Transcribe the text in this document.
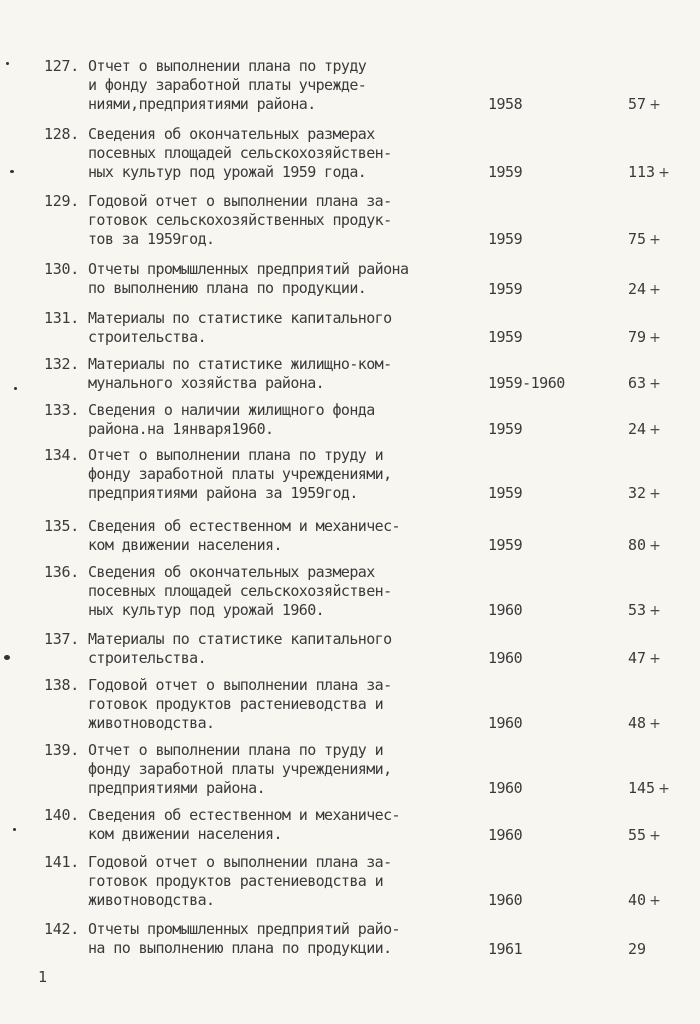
127. Отчет о выполнении плана по труду
и фонду заработной платы учрежде-
ниями,предприятиями района.	1958	57 +
128. Сведения об окончательных размерах
посевных площадей сельскохозяйствен-
ных культур под урожай 1959 года.	1959	113 +
129. Годовой отчет о выполнении плана за-
готовок сельскохозяйственных продук-
тов за 1959год.	1959	75 +
130. Отчеты промышленных предприятий района
по выполнению плана по продукции.	1959	24 +
131. Материалы по статистике капитального
строительства.	1959	79 +
132. Материалы по статистике жилищно-ком-
мунального хозяйства района.	1959-1960	63 +
133. Сведения о наличии жилищного фонда
района.на 1января1960.	1959	24 +
134. Отчет о выполнении плана по труду и
фонду заработной платы учреждениями,
предприятиями района за 1959год.	1959	32 +
135. Сведения об естественном и механичес-
ком движении населения.	1959	80 +
136. Сведения об окончательных размерах
посевных площадей сельскохозяйствен-
ных культур под урожай 1960.	1960	53 +
137. Материалы по статистике капитального
строительства.	1960	47 +
138. Годовой отчет о выполнении плана за-
готовок продуктов растениеводства и
животноводства.	1960	48 +
139. Отчет о выполнении плана по труду и
фонду заработной платы учреждениями,
предприятиями района.	1960	145 +
140. Сведения об естественном и механичес-
ком движении населения.	1960	55 +
141. Годовой отчет о выполнении плана за-
готовок продуктов растениеводства и
животноводства.	1960	40 +
142. Отчеты промышленных предприятий райо-
на по выполнению плана по продукции.	1961	29
1
